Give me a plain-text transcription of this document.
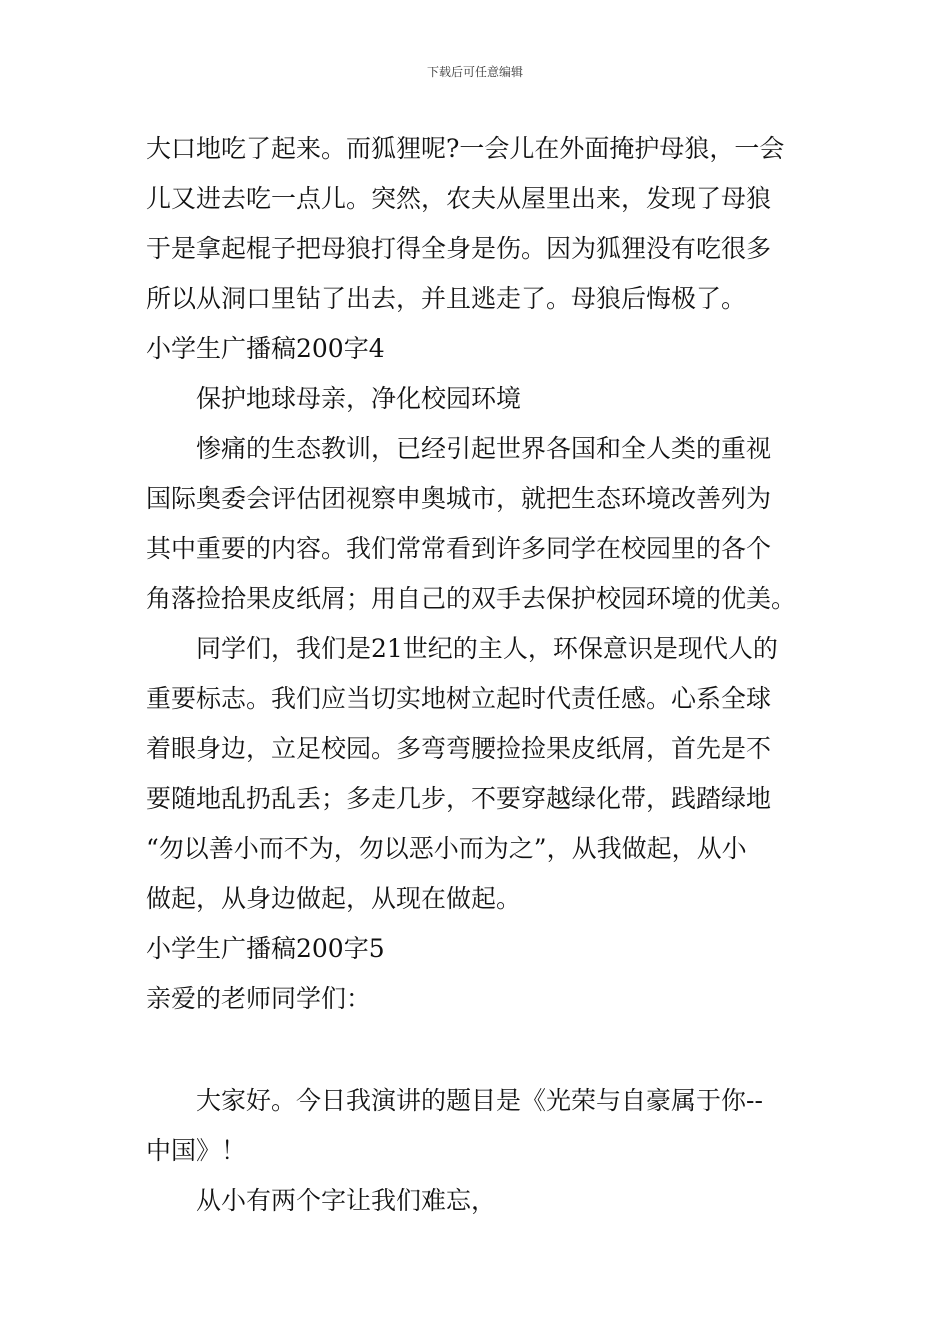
下载后可任意编辑
大口地吃了起来。而狐狸呢?一会儿在外面掩护母狼，一会
儿又进去吃一点儿。突然，农夫从屋里出来，发现了母狼
于是拿起棍子把母狼打得全身是伤。因为狐狸没有吃很多
所以从洞口里钻了出去，并且逃走了。母狼后悔极了。
小学生广播稿200字4
保护地球母亲，净化校园环境
惨痛的生态教训，已经引起世界各国和全人类的重视
国际奥委会评估团视察申奥城市，就把生态环境改善列为
其中重要的内容。我们常常看到许多同学在校园里的各个
角落捡拾果皮纸屑；用自己的双手去保护校园环境的优美。
同学们，我们是21世纪的主人，环保意识是现代人的
重要标志。我们应当切实地树立起时代责任感。心系全球
着眼身边，立足校园。多弯弯腰捡捡果皮纸屑，首先是不
要随地乱扔乱丢；多走几步，不要穿越绿化带，践踏绿地
“勿以善小而不为，勿以恶小而为之”，从我做起，从小
做起，从身边做起，从现在做起。
小学生广播稿200字5
亲爱的老师同学们：
大家好。今日我演讲的题目是《光荣与自豪属于你--
中国》！
从小有两个字让我们难忘，
